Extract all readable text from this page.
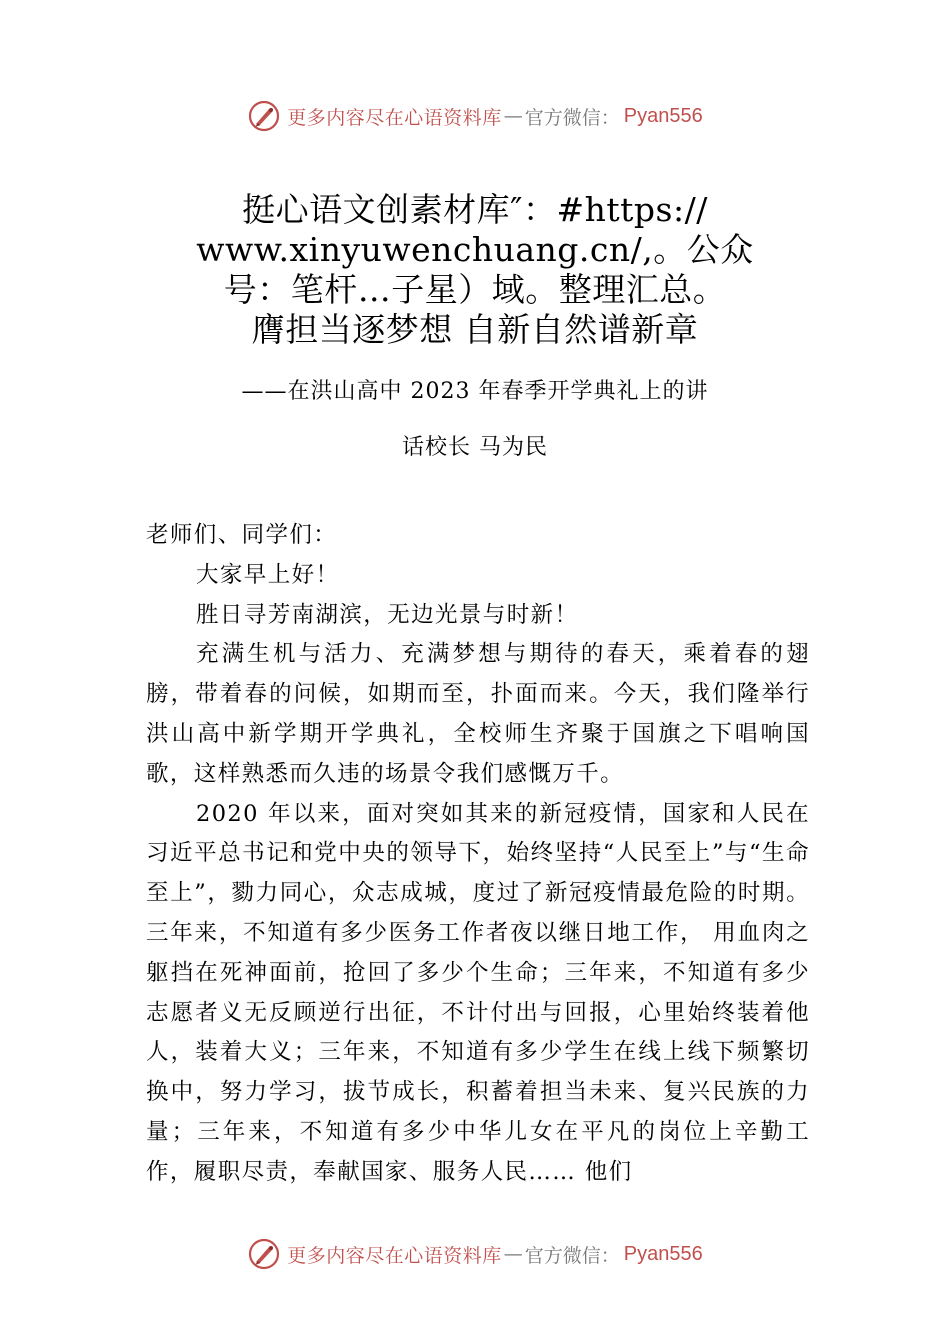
更多内容尽在心语资料库 — 官方微信： Pyan556
挺心语文创素材库″：#https://
www.xinyuwenchuang.cn/,。公众
号：笔杆…子星）域。整理汇总。
膺担当逐梦想 自新自然谱新章
——在洪山高中 2023 年春季开学典礼上的讲
话校长 马为民

老师们、同学们：

大家早上好！

胜日寻芳南湖滨，无边光景与时新！

充满生机与活力、充满梦想与期待的春天，乘着春的翅膀，带着春的问候，如期而至，扑面而来。今天，我们隆举行洪山高中新学期开学典礼，全校师生齐聚于国旗之下唱响国歌，这样熟悉而久违的场景令我们感慨万千。

2020 年以来，面对突如其来的新冠疫情，国家和人民在习近平总书记和党中央的领导下，始终坚持“人民至上”与“生命至上”，勠力同心，众志成城，度过了新冠疫情最危险的时期。三年来，不知道有多少医务工作者夜以继日地工作， 用血肉之躯挡在死神面前，抢回了多少个生命；三年来，不知道有多少志愿者义无反顾逆行出征，不计付出与回报，心里始终装着他人，装着大义；三年来，不知道有多少学生在线上线下频繁切换中，努力学习，拔节成长，积蓄着担当未来、复兴民族的力量；三年来，不知道有多少中华儿女在平凡的岗位上辛勤工作，履职尽责，奉献国家、服务人民…… 他们

更多内容尽在心语资料库 — 官方微信： Pyan556
